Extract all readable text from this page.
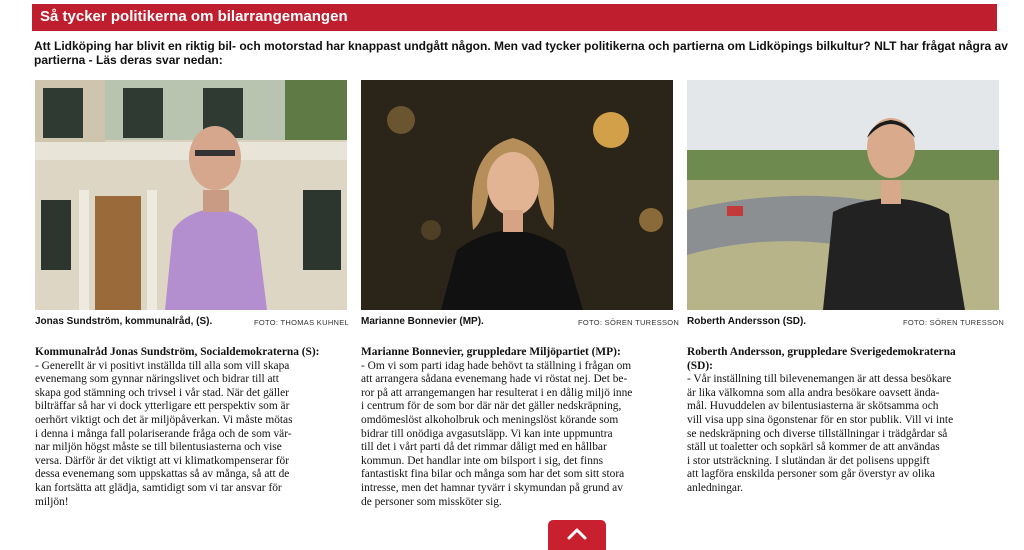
Så tycker politikerna om bilarrangemangen
Att Lidköping har blivit en riktig bil- och motorstad har knappast undgått någon. Men vad tycker politikerna och partierna om Lidköpings bilkultur? NLT har frågat några av partierna - Läs deras svar nedan:
Jonas Sundström, kommunalråd, (S).	FOTO: THOMAS KUHNEL Marianne Bonnevier (MP).	FOTO: SÖREN TURESSON Roberth Andersson (SD).	FOTO: SÖREN TURESSON
Kommunalråd Jonas Sundström, Socialdemokraterna (S):
- Generellt är vi positivt inställda till alla som vill skapa
evenemang som gynnar näringslivet och bidrar till att
skapa god stämning och trivsel i vår stad. När det gäller
bilträffar så har vi dock ytterligare ett perspektiv som är
oerhört viktigt och det är miljöpåverkan. Vi måste mötas
i denna i många fall polariserande fråga och de som vär-
nar miljön högst måste se till bilentusiasterna och vise
versa. Därför är det viktigt att vi klimatkompenserar för
dessa evenemang som uppskattas så av många, så att de
kan fortsätta att glädja, samtidigt som vi tar ansvar för
miljön!
Marianne Bonnevier, gruppledare Miljöpartiet (MP):
- Om vi som parti idag hade behövt ta ställning i frågan om
att arrangera sådana evenemang hade vi röstat nej. Det be-
ror på att arrangemangen har resulterat i en dålig miljö inne
i centrum för de som bor där när det gäller nedskräpning,
omdömeslöst alkoholbruk och meningslöst körande som
bidrar till onödiga avgasutsläpp. Vi kan inte uppmuntra
till det i vårt parti då det rimmar dåligt med en hållbar
kommun. Det handlar inte om bilsport i sig, det finns
fantastiskt fina bilar och många som har det som sitt stora
intresse, men det hamnar tyvärr i skymundan på grund av
de personer som missköter sig.
Roberth Andersson, gruppledare Sverigedemokraterna
(SD):
- Vår inställning till bilevenemangen är att dessa besökare
är lika välkomna som alla andra besökare oavsett ända-
mål. Huvuddelen av bilentusiasterna är skötsamma och
vill visa upp sina ögonstenar för en stor publik. Vill vi inte
se nedskräpning och diverse tillställningar i trädgårdar så
ställ ut toaletter och sopkärl så kommer de att användas
i stor utsträckning. I slutändan är det polisens uppgift
att lagföra enskilda personer som går överstyr av olika
anledningar.
